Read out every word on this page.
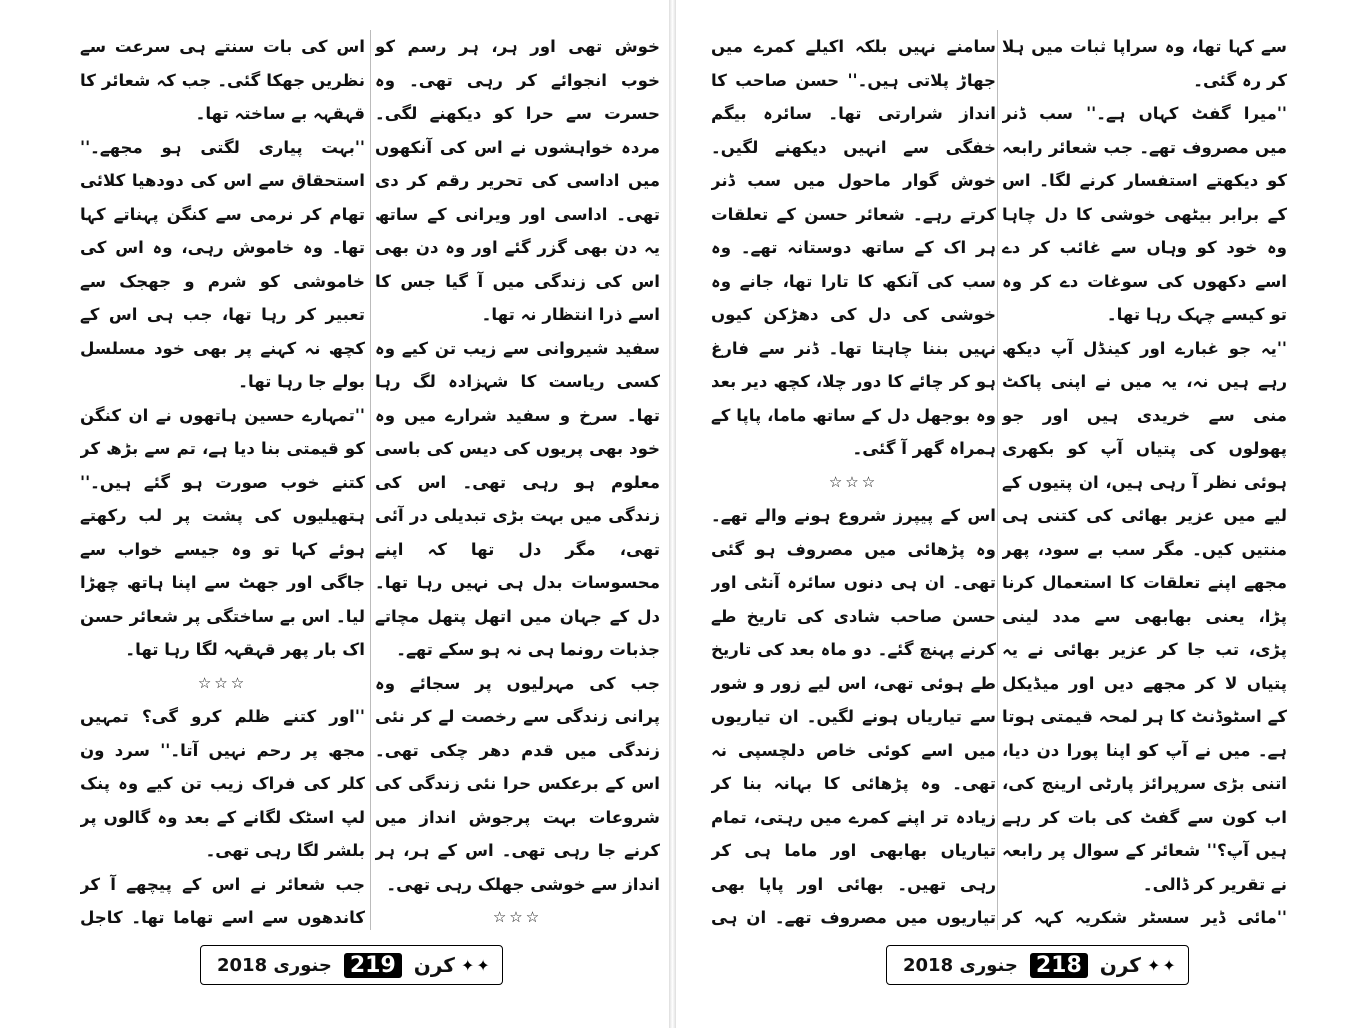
خوش تھی اور ہر، ہر رسم کو خوب انجوائے کر رہی تھی۔ وہ حسرت سے حرا کو دیکھنے لگی۔ مردہ خواہشوں نے اس کی آنکھوں میں اداسی کی تحریر رقم کر دی تھی۔ اداسی اور ویرانی کے ساتھ یہ دن بھی گزر گئے اور وہ دن بھی اس کی زندگی میں آ گیا جس کا اسے ذرا انتظار نہ تھا۔

سفید شیروانی سے زیب تن کیے وہ کسی ریاست کا شہزادہ لگ رہا تھا۔ سرخ و سفید شرارے میں وہ خود بھی پریوں کی دیس کی باسی معلوم ہو رہی تھی۔ اس کی زندگی میں بہت بڑی تبدیلی در آئی تھی، مگر دل تھا کہ اپنے محسوسات بدل ہی نہیں رہا تھا۔ دل کے جہان میں اتھل پتھل مچاتے جذبات رونما ہی نہ ہو سکے تھے۔

جب کی مہرلیوں پر سجائے وہ پرانی زندگی سے رخصت لے کر نئی زندگی میں قدم دھر چکی تھی۔ اس کے برعکس حرا نئی زندگی کی شروعات بہت پرجوش انداز میں کرنے جا رہی تھی۔ اس کے ہر، ہر انداز سے خوشی جھلک رہی تھی۔

☆☆☆

اس کی بات سنتے ہی سرعت سے نظریں جھکا گئی۔ جب کہ شعائر کا قہقہہ بے ساختہ تھا۔

''بہت پیاری لگتی ہو مجھے۔'' استحقاق سے اس کی دودھیا کلائی تھام کر نرمی سے کنگن پہناتے کہا تھا۔ وہ خاموش رہی، وہ اس کی خاموشی کو شرم و جھجک سے تعبیر کر رہا تھا، جب ہی اس کے کچھ نہ کہنے پر بھی خود مسلسل بولے جا رہا تھا۔

''تمہارے حسین ہاتھوں نے ان کنگن کو قیمتی بنا دیا ہے، تم سے بڑھ کر کتنے خوب صورت ہو گئے ہیں۔'' ہتھیلیوں کی پشت پر لب رکھتے ہوئے کہا تو وہ جیسے خواب سے جاگی اور جھٹ سے اپنا ہاتھ چھڑا لیا۔ اس بے ساختگی پر شعائر حسن اک بار پھر قہقہہ لگا رہا تھا۔

☆☆☆

''اور کتنے ظلم کرو گی؟ تمہیں مجھ پر رحم نہیں آتا۔'' سرد ون کلر کی فراک زیب تن کیے وہ پنک لپ اسٹک لگانے کے بعد وہ گالوں پر بلشر لگا رہی تھی۔

جب شعائر نے اس کے پیچھے آ کر کاندھوں سے اسے تھاما تھا۔ کاجل

جنوری 2018 219 کرن ✦✦

سے کہا تھا، وہ سراپا ثبات میں ہلا کر رہ گئی۔

''میرا گفٹ کہاں ہے۔'' سب ڈنر میں مصروف تھے۔ جب شعائر رابعہ کو دیکھتے استفسار کرنے لگا۔ اس کے برابر بیٹھی خوشی کا دل چاہا وہ خود کو وہاں سے غائب کر دے اسے دکھوں کی سوغات دے کر وہ تو کیسے چہک رہا تھا۔

''یہ جو غبارے اور کینڈل آپ دیکھ رہے ہیں نہ، یہ میں نے اپنی پاکٹ منی سے خریدی ہیں اور جو پھولوں کی پتیاں آپ کو بکھری ہوئی نظر آ رہی ہیں، ان پتیوں کے لیے میں عزیر بھائی کی کتنی ہی منتیں کیں۔ مگر سب بے سود، پھر مجھے اپنے تعلقات کا استعمال کرنا پڑا، یعنی بھابھی سے مدد لینی پڑی، تب جا کر عزیر بھائی نے یہ پتیاں لا کر مجھے دیں اور میڈیکل کے اسٹوڈنٹ کا ہر لمحہ قیمتی ہوتا ہے۔ میں نے آپ کو اپنا پورا دن دیا، اتنی بڑی سرپرائز پارٹی ارینج کی، اب کون سے گفٹ کی بات کر رہے ہیں آپ؟'' شعائر کے سوال پر رابعہ نے تقریر کر ڈالی۔

''مائی ڈیر سسٹر شکریہ کہہ کر

سامنے نہیں بلکہ اکیلے کمرے میں جھاڑ پلاتی ہیں۔'' حسن صاحب کا انداز شرارتی تھا۔ سائرہ بیگم خفگی سے انہیں دیکھنے لگیں۔ خوش گوار ماحول میں سب ڈنر کرتے رہے۔ شعائر حسن کے تعلقات ہر اک کے ساتھ دوستانہ تھے۔ وہ سب کی آنکھ کا تارا تھا، جانے وہ خوشی کی دل کی دھڑکن کیوں نہیں بننا چاہتا تھا۔ ڈنر سے فارغ ہو کر چائے کا دور چلا، کچھ دیر بعد وہ بوجھل دل کے ساتھ ماما، پاپا کے ہمراہ گھر آ گئی۔

☆☆☆

اس کے پیپرز شروع ہونے والے تھے۔ وہ پڑھائی میں مصروف ہو گئی تھی۔ ان ہی دنوں سائرہ آنٹی اور حسن صاحب شادی کی تاریخ طے کرنے پہنچ گئے۔ دو ماہ بعد کی تاریخ طے ہوئی تھی، اس لیے زور و شور سے تیاریاں ہونے لگیں۔ ان تیاریوں میں اسے کوئی خاص دلچسپی نہ تھی۔ وہ پڑھائی کا بہانہ بنا کر زیادہ تر اپنے کمرے میں رہتی، تمام تیاریاں بھابھی اور ماما ہی کر رہی تھیں۔ بھائی اور پاپا بھی تیاریوں میں مصروف تھے۔ ان ہی

جنوری 2018 218 کرن ✦✦
